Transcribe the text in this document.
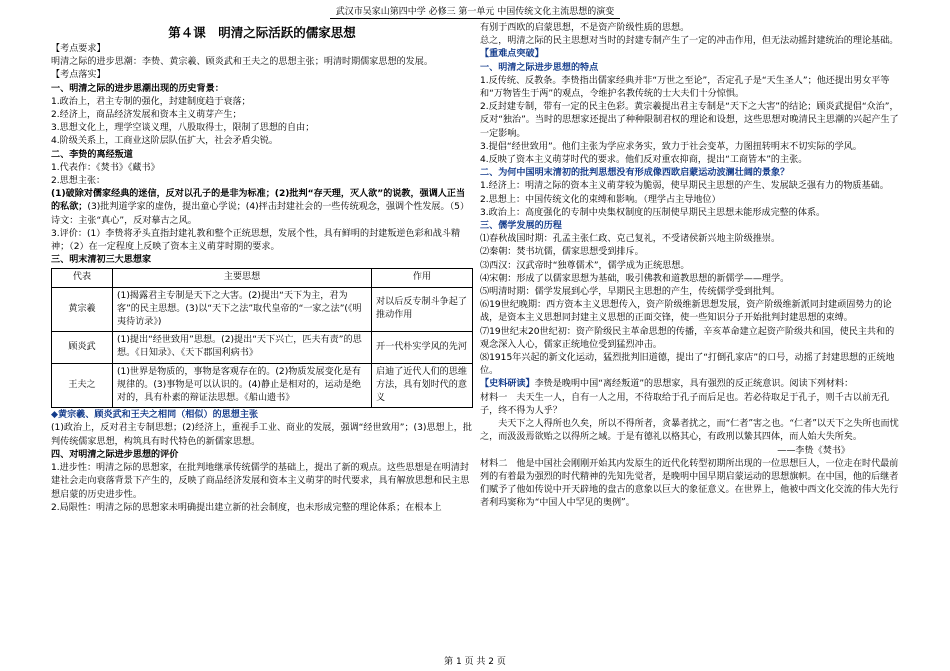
武汉市吴家山第四中学 必修三 第一单元 中国传统文化主流思想的演变

第４课　明清之际活跃的儒家思想

【考点要求】

明清之际的进步思潮：李贽、黄宗羲、顾炎武和王夫之的思想主张；明清时期儒家思想的发展。

【考点落实】

一、明清之际的进步思潮出现的历史背景：

1.政治上，君主专制的强化，封建制度趋于衰落；

2.经济上，商品经济发展和资本主义萌芽产生；

3.思想文化上，理学空谈义理，八股取得士，限制了思想的自由；

4.阶级关系上，工商业这阶层队伍扩大，社会矛盾尖锐。

二、李贽的离经叛道

1.代表作：《焚书》《藏书》

2.思想主张：

(1)破除对儒家经典的迷信，反对以孔子的是非为标准；(2)批判“存天理，灭人欲”的说教，强调人正当的私欲；(3)批判道学家的虚伪，提出童心学说；(4)抨击封建社会的一些传统观念，强调个性发展。（5）诗文：主张“真心”，反对摹古之风。

3.评价：(1）李贽将矛头直指封建礼教和整个正统思想，发展个性，具有鲜明的封建叛逆色彩和战斗精神；（2）在一定程度上反映了资本主义萌芽时期的要求。

三、明末清初三大思想家

代表	主要思想	作用
黄宗羲	(1)揭露君主专制是天下之大害。(2)提出“天下为主，君为客”的民主思想。(3)以“天下之法”取代皇帝的“一家之法”(《明夷待访录》)	对以后反专制斗争起了推动作用
顾炎武	(1)提出“经世致用”思想。(2)提出“天下兴亡，匹夫有责”的思想。《日知录》、《天下郡国利病书》	开一代朴实学风的先河
王夫之	(1)世界是物质的，事物是客观存在的。(2)物质发展变化是有规律的。(3)事物是可以认识的。(4)静止是相对的，运动是绝对的，具有朴素的辩证法思想。《船山遗书》	启迪了近代人们的思维方法，具有划时代的意义

◆黄宗羲、顾炎武和王夫之相同（相似）的思想主张

(1)政治上，反对君主专制思想；(2)经济上，重视手工业、商业的发展，强调“经世致用”；(3)思想上，批判传统儒家思想，构筑具有时代特色的新儒家思想。

四、对明清之际进步思想的评价

1.进步性：明清之际的思想家，在批判地继承传统儒学的基础上，提出了新的观点。这些思想是在明清封建社会走向衰落背景下产生的，反映了商品经济发展和资本主义萌芽的时代要求，具有解放思想和民主思想启蒙的历史进步性。

2.局限性：明清之际的思想家未明确提出建立新的社会制度，也未形成完整的理论体系；在根本上

有别于西欧的启蒙思想，不是资产阶级性质的思想。

总之，明清之际的民主思想对当时的封建专制产生了一定的冲击作用，但无法动摇封建统治的理论基础。

【重难点突破】

一、明清之际进步思想的特点

1.反传统、反教条。李贽指出儒家经典并非“万世之至论”，否定孔子是“天生圣人”；他还提出男女平等和“万物皆生于两”的观点，令维护名教传统的士大夫们十分惊惧。

2.反封建专制，带有一定的民主色彩。黄宗羲提出君主专制是“天下之大害”的结论；顾炎武提倡“众治”，反对“独治”。当时的思想家还提出了种种限制君权的理论和设想，这些思想对晚清民主思潮的兴起产生了一定影响。

3.提倡“经世致用”。他们主张为学应求务实，致力于社会变革，力图扭转明末不切实际的学风。

4.反映了资本主义萌芽时代的要求。他们反对重农抑商，提出“工商皆本”的主张。

二、为何中国明末清初的批判思想没有形成像西欧启蒙运动波澜壮阔的景象？

1.经济上：明清之际的资本主义萌芽较为脆弱，使早期民主思想的产生、发展缺乏强有力的物质基础。

2.思想上：中国传统文化的束缚和影响。（理学占主导地位）

3.政治上：高度强化的专制中央集权制度的压制使早期民主思想未能形成完整的体系。

三、儒学发展的历程

⑴春秋战国时期：孔孟主张仁政、克己复礼，不受诸侯新兴地主阶级推崇。

⑵秦朝：焚书坑儒，儒家思想受到排斥。

⑶西汉：汉武帝时“独尊儒术”，儒学成为正统思想。

⑷宋朝：形成了以儒家思想为基础，吸引佛教和道教思想的新儒学——理学。

⑸明清时期：儒学发展到心学，早期民主思想的产生，传统儒学受到批判。

⑹19世纪晚期：西方资本主义思想传入，资产阶级维新思想发展，资产阶级维新派同封建顽固势力的论战，是资本主义思想同封建主义思想的正面交锋，使一些知识分子开始批判封建思想的束缚。

⑺19世纪末20世纪初：资产阶级民主革命思想的传播，辛亥革命建立起资产阶级共和国，使民主共和的观念深入人心，儒家正统地位受到猛烈冲击。

⑻1915年兴起的新文化运动，猛烈批判旧道德，提出了“打倒孔家店”的口号，动摇了封建思想的正统地位。

【史料研读】李贽是晚明中国“离经叛道”的思想家，具有强烈的反正统意识。阅读下列材料：

材料一　 夫天生一人，自有一人之用，不待取给于孔子而后足也。若必待取足于孔子，则千古以前无孔子，终不得为人乎？

夫天下之人得所也久矣，所以不得所者，贪暴者扰之，而“仁者”害之也。“仁者”以天下之失所也而忧之，而汲汲焉欲贻之以得所之域。于是有德礼以格其心，有政刑以絷其四体，而人始大失所矣。

——李贽《焚书》

材料二　 他是中国社会刚刚开始其内发原生的近代化转型初期所出现的一位思想巨人，一位走在时代最前列的有着最为强烈的时代精神的先知先觉者，是晚明中国早期启蒙运动的思想旗帜。在中国，他的后继者们赋予了他如传说中开天辟地的盘古的意象以巨大的象征意义。在世界上，他被中西文化交流的伟大先行者利玛窦称为“中国人中罕见的奥例”。

第 1 页 共 2 页
